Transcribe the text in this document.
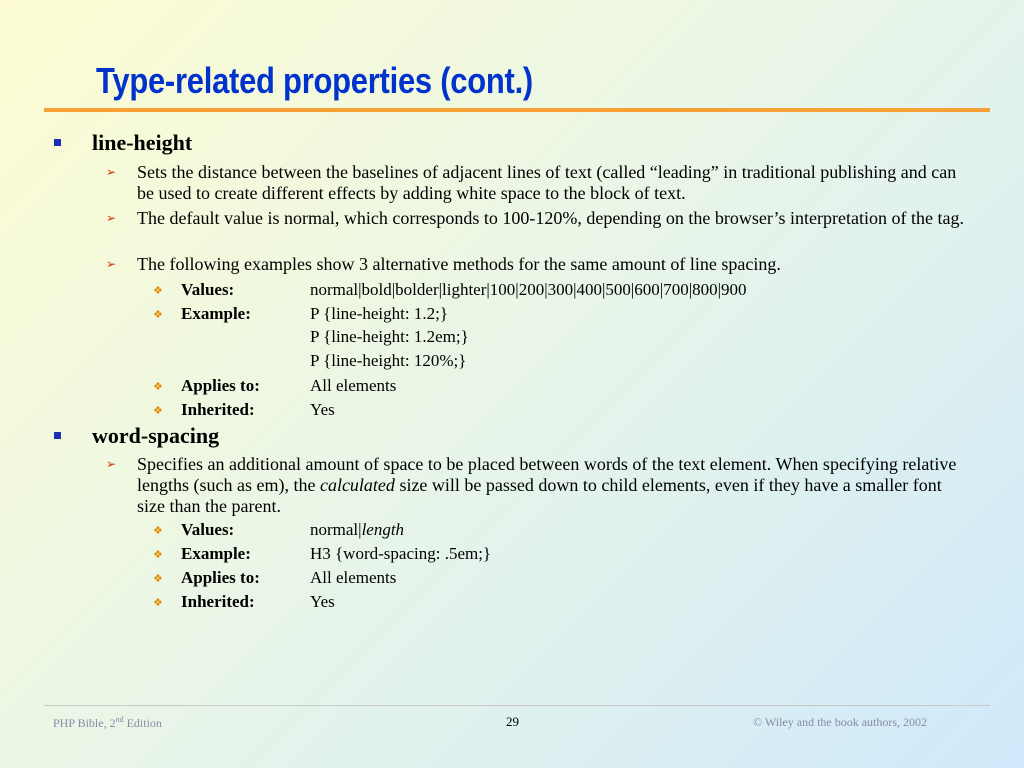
Type-related properties (cont.)
line-height
➢ Sets the distance between the baselines of adjacent lines of text (called “leading” in traditional publishing and can be used to create different effects by adding white space to the block of text.
➢ The default value is normal, which corresponds to 100-120%, depending on the browser’s interpretation of the tag.
➢ The following examples show 3 alternative methods for the same amount of line spacing.
❖ Values:	normal|bold|bolder|lighter|100|200|300|400|500|600|700|800|900
❖ Example:	P {line-height: 1.2;}
P {line-height: 1.2em;}
P {line-height: 120%;}
❖ Applies to:	All elements
❖ Inherited:	Yes
word-spacing
➢ Specifies an additional amount of space to be placed between words of the text element. When specifying relative lengths (such as em), the calculated size will be passed down to child elements, even if they have a smaller font size than the parent.
❖ Values:	normal|length
❖ Example:	H3 {word-spacing: .5em;}
❖ Applies to:	All elements
❖ Inherited:	Yes
PHP Bible, 2nd Edition	29	© Wiley and the book authors, 2002
